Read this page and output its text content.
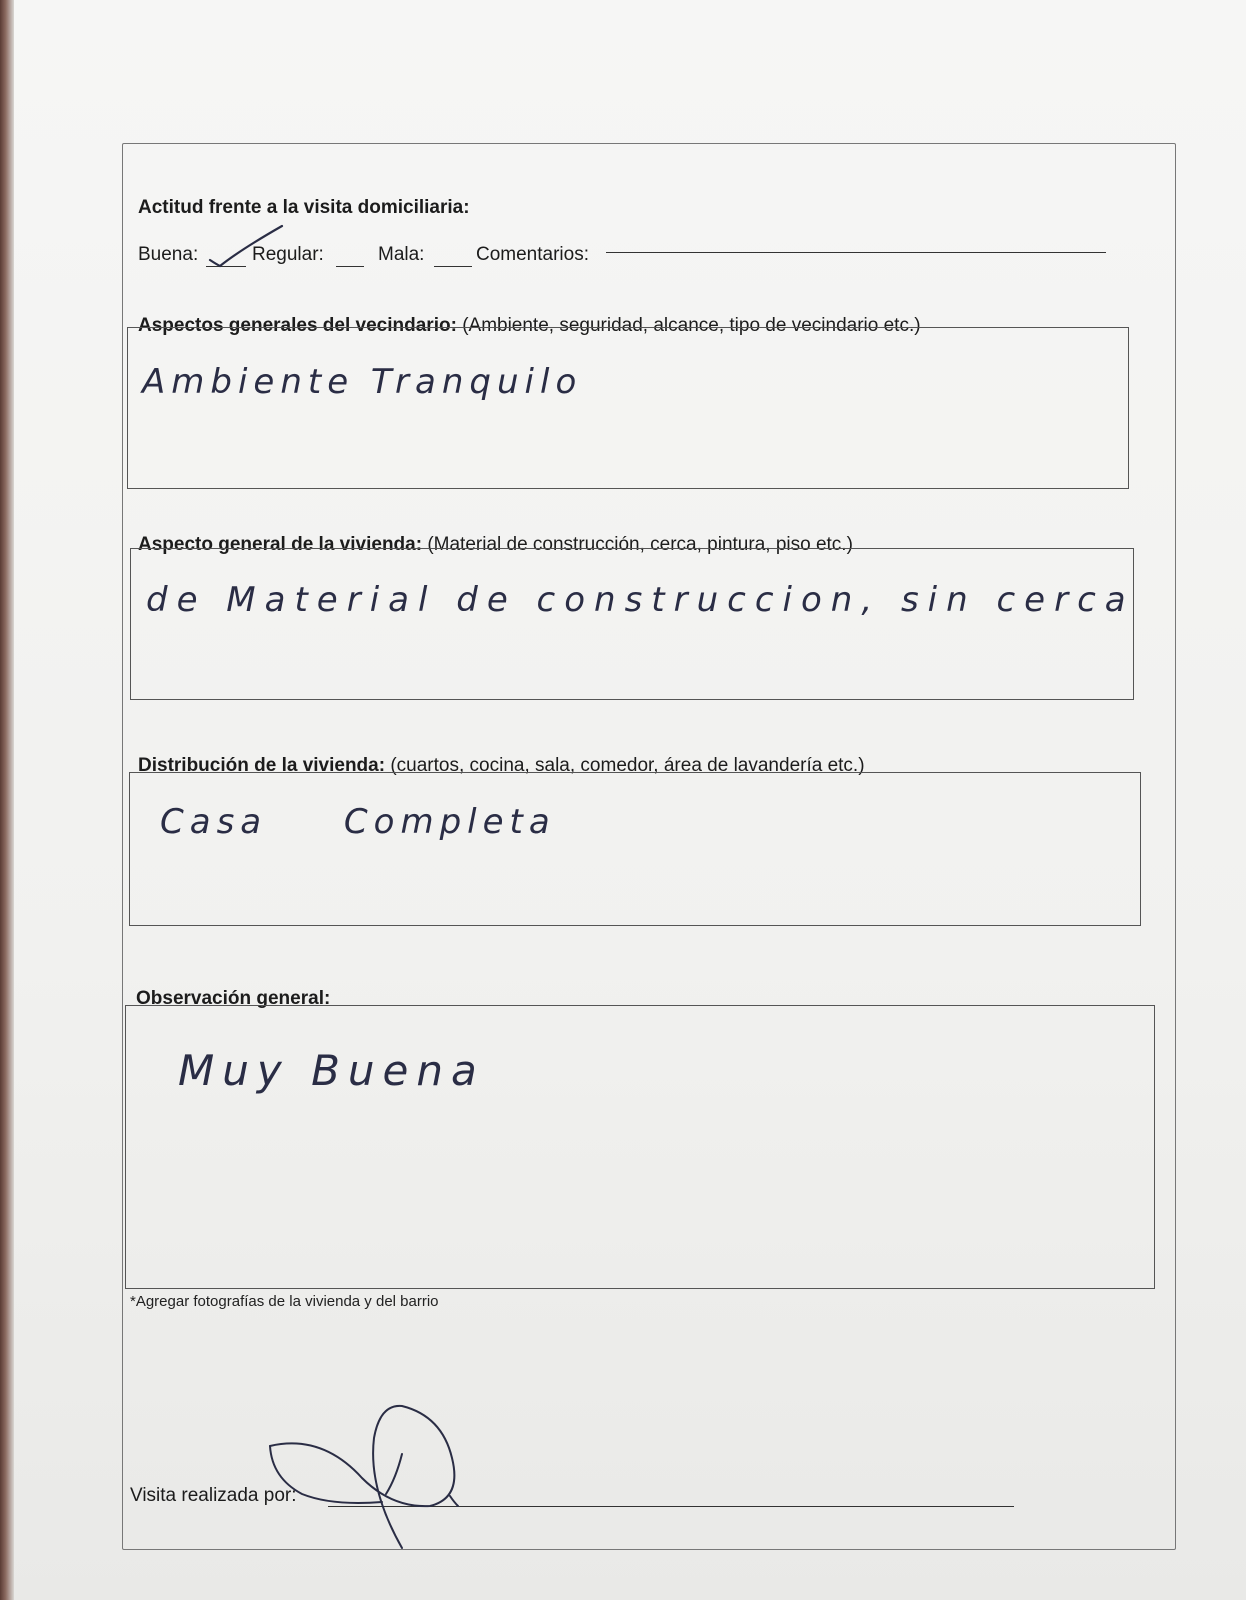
Actitud frente a la visita domiciliaria:
Buena:	Regular:	Mala:	Comentarios:
Aspectos generales del vecindario: (Ambiente, seguridad, alcance, tipo de vecindario etc.)
Ambiente Tranquilo
Aspecto general de la vivienda: (Material de construcción, cerca, pintura, piso etc.)
de Material de construccion, sin cerca
Distribución de la vivienda: (cuartos, cocina, sala, comedor, área de lavandería etc.)
Casa Completa
Observación general:
Muy Buena
*Agregar fotografías de la vivienda y del barrio
Visita realizada por:
